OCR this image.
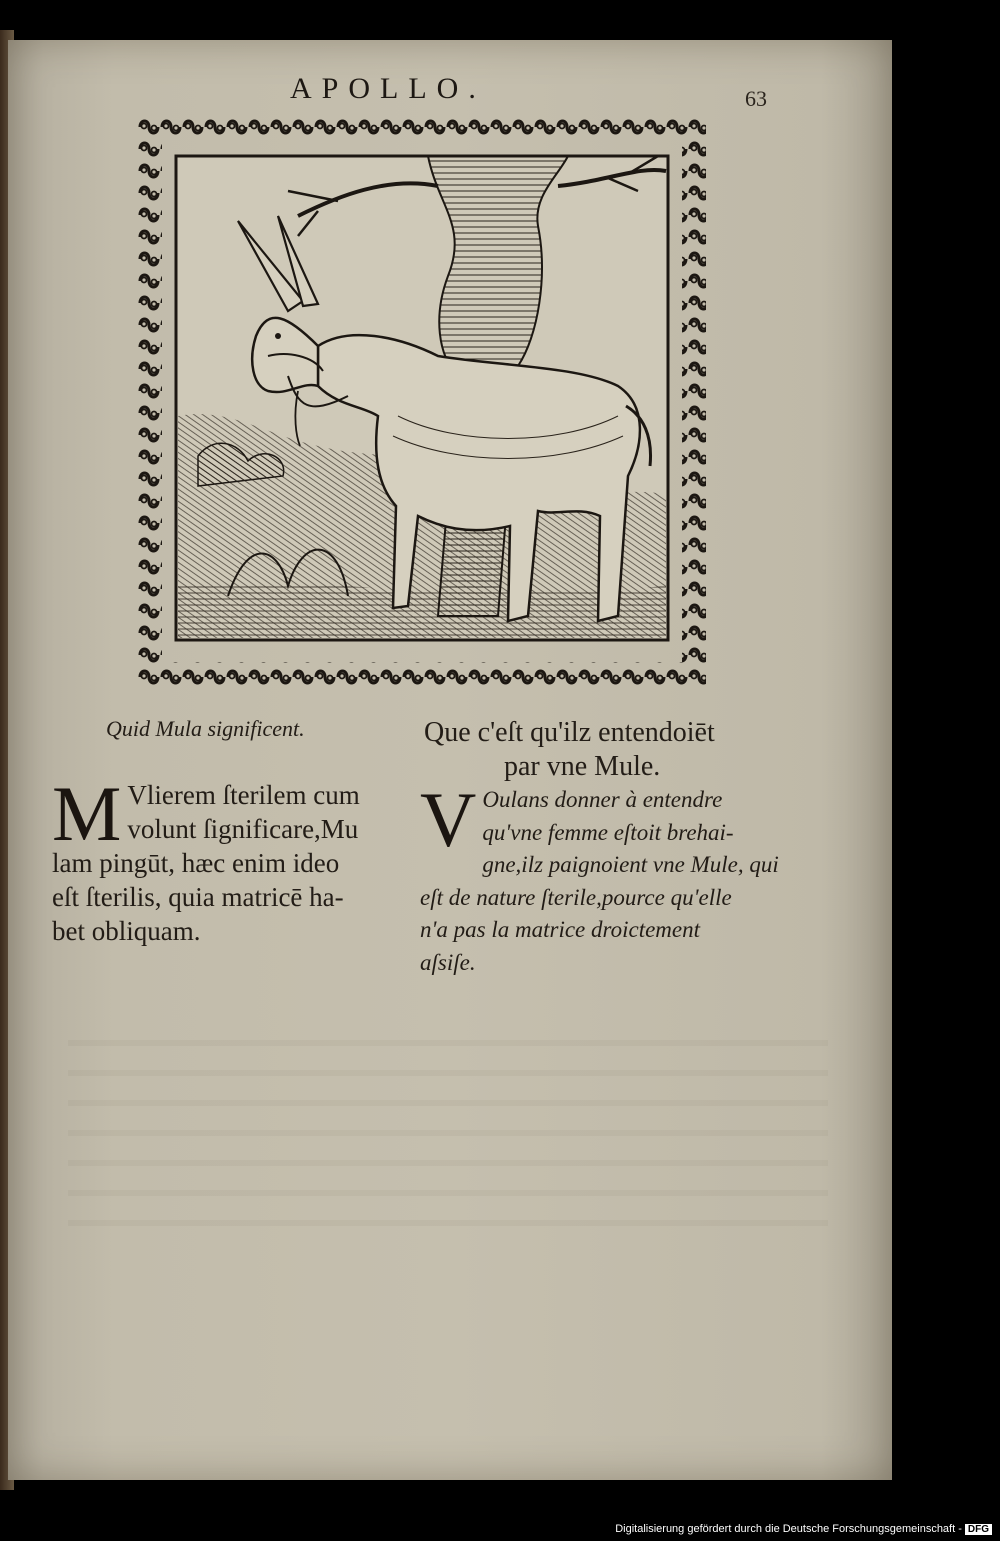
APOLLO.	63
Quid Mula significent.	Que c'eſt qu'ilz entendoiēt
par vne Mule.
M Vlierem ſterilem cum
volunt ſignificare,Mu
lam pingūt, hæc enim ideo
eſt ſterilis, quia matricē ha-
bet obliquam.
V Oulans donner à entendre
qu'vne femme eſtoit brehai-
gne,ilz paignoient vne Mule, qui
eſt de nature ſterile,pource qu'elle
n'a pas la matrice droictement
aſsiſe.
Digitalisierung gefördert durch die Deutsche Forschungsgemeinschaft - DFG
